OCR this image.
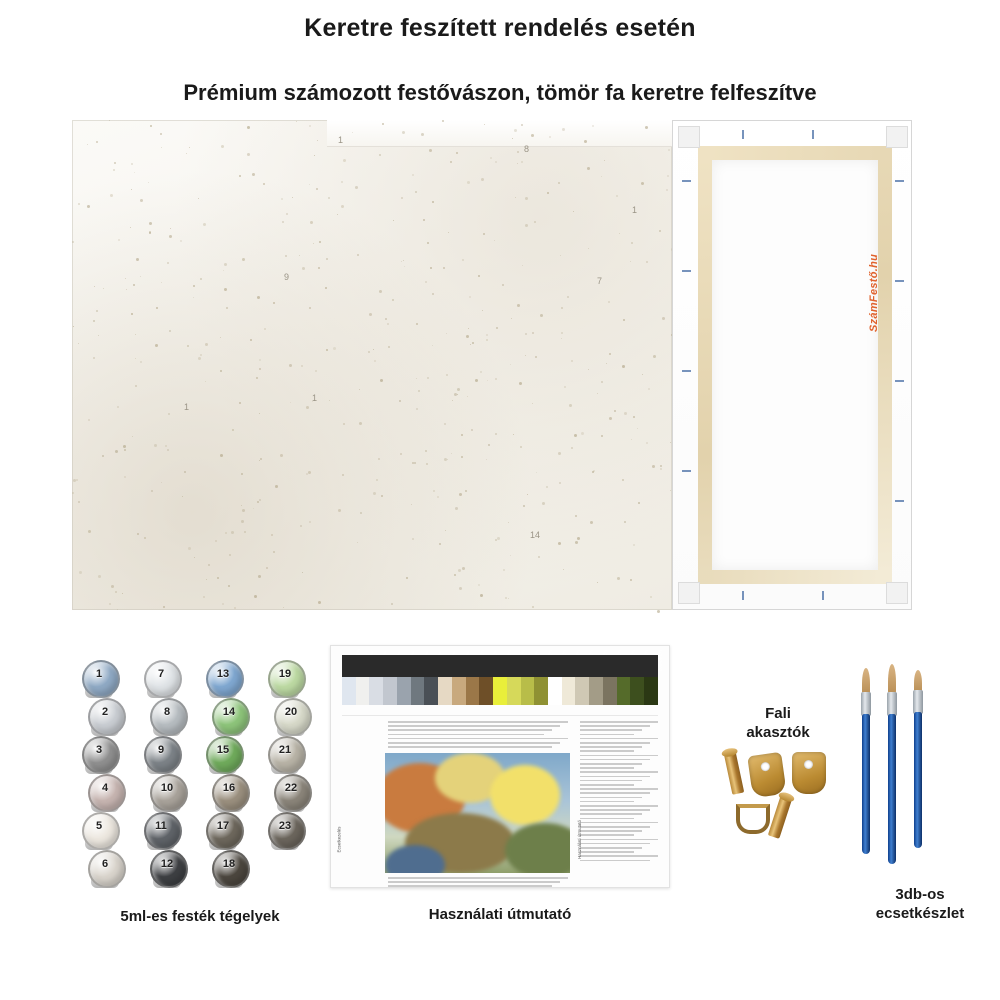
Keretre feszített rendelés esetén
Prémium számozott festővászon, tömör fa keretre felfeszítve
1
8
1
9	7
1
14
1
SzámFestő.hu
1
2
3
4
5
6
7
8
9
10
11
12
13
14
15
16
17
18
19
20
21
22
23
5ml-es festék tégelyek
209-23 1%
Ecsetkezelés	Használati útmutató
Használati útmutató
Fali
akasztók
3db-os
ecsetkészlet
